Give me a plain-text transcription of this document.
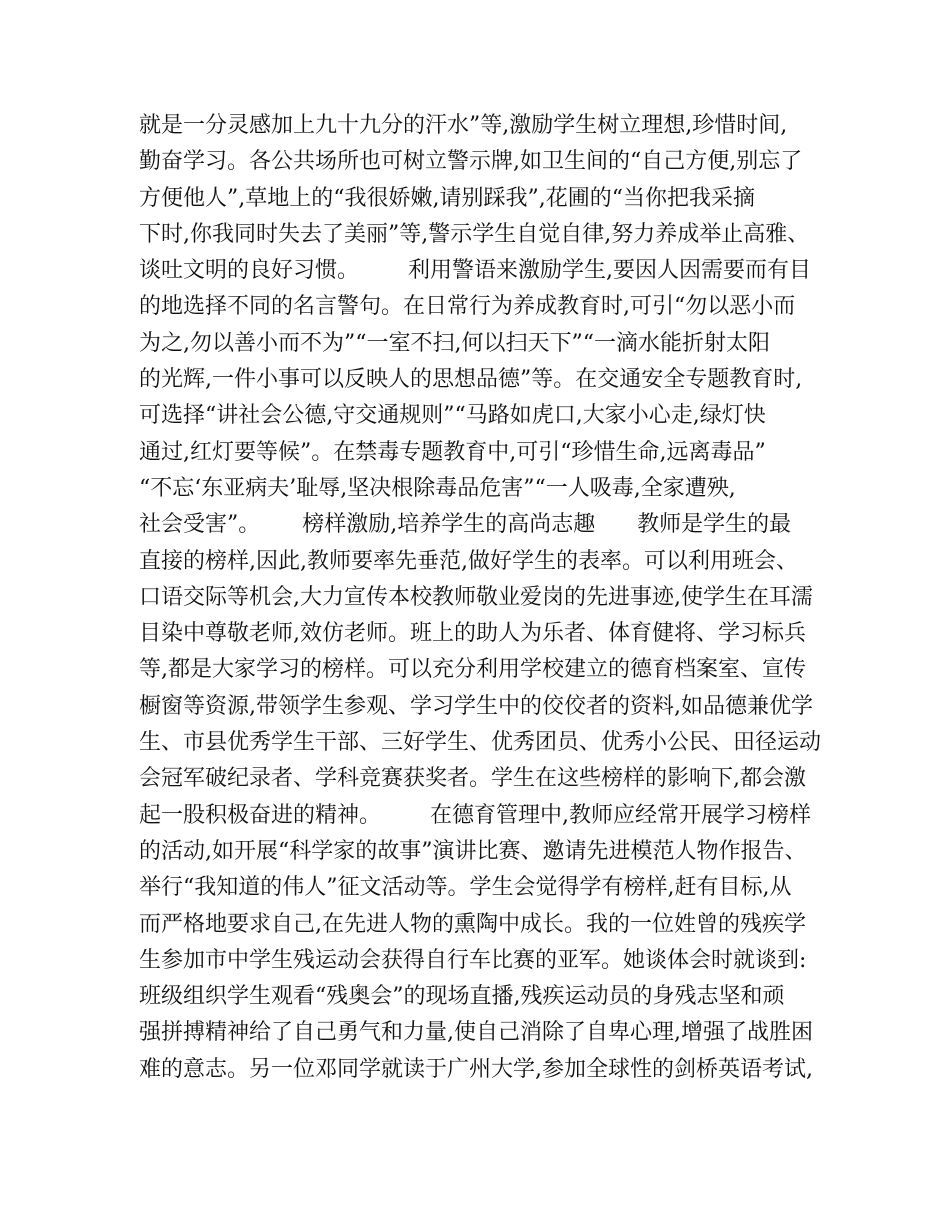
就是一分灵感加上九十九分的汗水”等,激励学生树立理想,珍惜时间,
勤奋学习。各公共场所也可树立警示牌,如卫生间的“自己方便,别忘了
方便他人”,草地上的“我很娇嫩,请别踩我”,花圃的“当你把我采摘
下时,你我同时失去了美丽”等,警示学生自觉自律,努力养成举止高雅、
谈吐文明的良好习惯。       利用警语来激励学生,要因人因需要而有目
的地选择不同的名言警句。在日常行为养成教育时,可引“勿以恶小而
为之,勿以善小而不为”“一室不扫,何以扫天下”“一滴水能折射太阳
的光辉,一件小事可以反映人的思想品德”等。在交通安全专题教育时,
可选择“讲社会公德,守交通规则”“马路如虎口,大家小心走,绿灯快
通过,红灯要等候”。在禁毒专题教育中,可引“珍惜生命,远离毒品”
“不忘‘东亚病夫’耻辱,坚决根除毒品危害”“一人吸毒,全家遭殃,
社会受害”。      榜样激励,培养学生的高尚志趣      教师是学生的最
直接的榜样,因此,教师要率先垂范,做好学生的表率。可以利用班会、
口语交际等机会,大力宣传本校教师敬业爱岗的先进事迹,使学生在耳濡
目染中尊敬老师,效仿老师。班上的助人为乐者、体育健将、学习标兵
等,都是大家学习的榜样。可以充分利用学校建立的德育档案室、宣传
橱窗等资源,带领学生参观、学习学生中的佼佼者的资料,如品德兼优学
生、市县优秀学生干部、三好学生、优秀团员、优秀小公民、田径运动
会冠军破纪录者、学科竞赛获奖者。学生在这些榜样的影响下,都会激
起一股积极奋进的精神。       在德育管理中,教师应经常开展学习榜样
的活动,如开展“科学家的故事”演讲比赛、邀请先进模范人物作报告、
举行“我知道的伟人”征文活动等。学生会觉得学有榜样,赶有目标,从
而严格地要求自己,在先进人物的熏陶中成长。我的一位姓曾的残疾学
生参加市中学生残运动会获得自行车比赛的亚军。她谈体会时就谈到:
班级组织学生观看“残奥会”的现场直播,残疾运动员的身残志坚和顽
强拼搏精神给了自己勇气和力量,使自己消除了自卑心理,增强了战胜困
难的意志。另一位邓同学就读于广州大学,参加全球性的剑桥英语考试,
